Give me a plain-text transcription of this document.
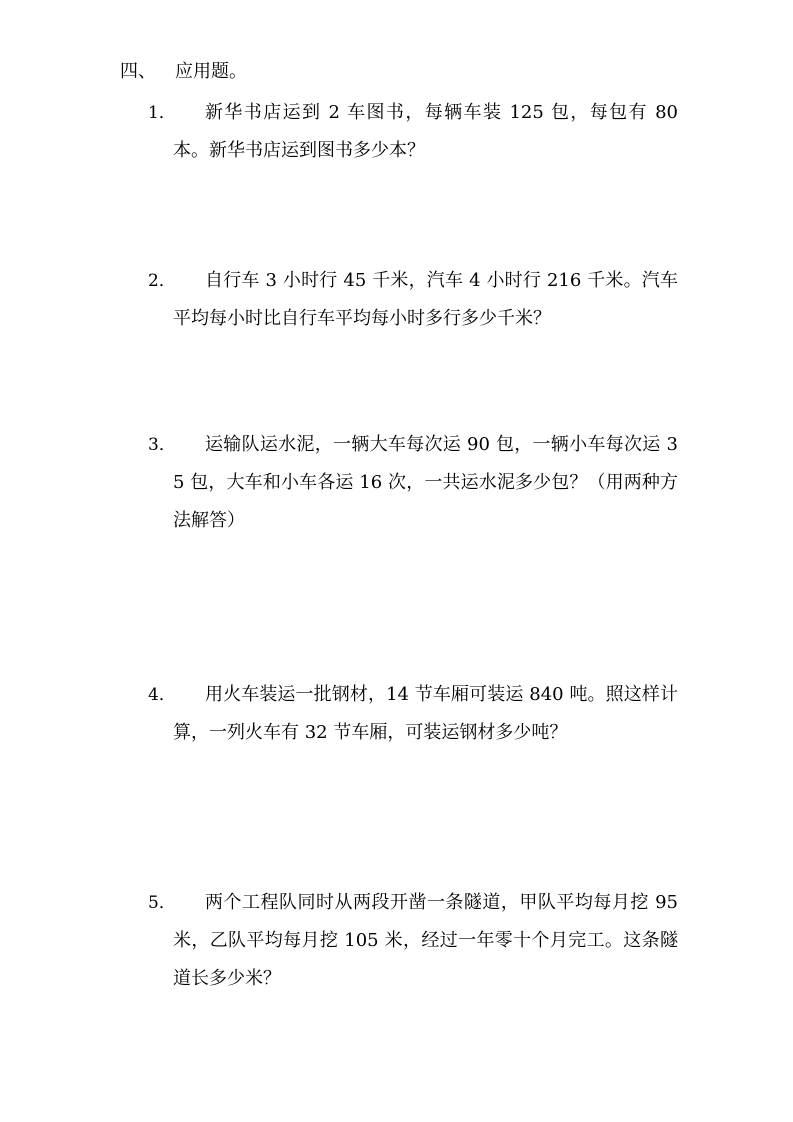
四、 应用题。
1．	新华书店运到 2 车图书，每辆车装 125 包，每包有 80 本。新华书店运到图书多少本？
2．	自行车 3 小时行 45 千米，汽车 4 小时行 216 千米。汽车平均每小时比自行车平均每小时多行多少千米？
3．	运输队运水泥，一辆大车每次运 90 包，一辆小车每次运 35 包，大车和小车各运 16 次，一共运水泥多少包？（用两种方法解答）
4．	用火车装运一批钢材，14 节车厢可装运 840 吨。照这样计算，一列火车有 32 节车厢，可装运钢材多少吨？
5．	两个工程队同时从两段开凿一条隧道，甲队平均每月挖 95 米，乙队平均每月挖 105 米，经过一年零十个月完工。这条隧道长多少米？
